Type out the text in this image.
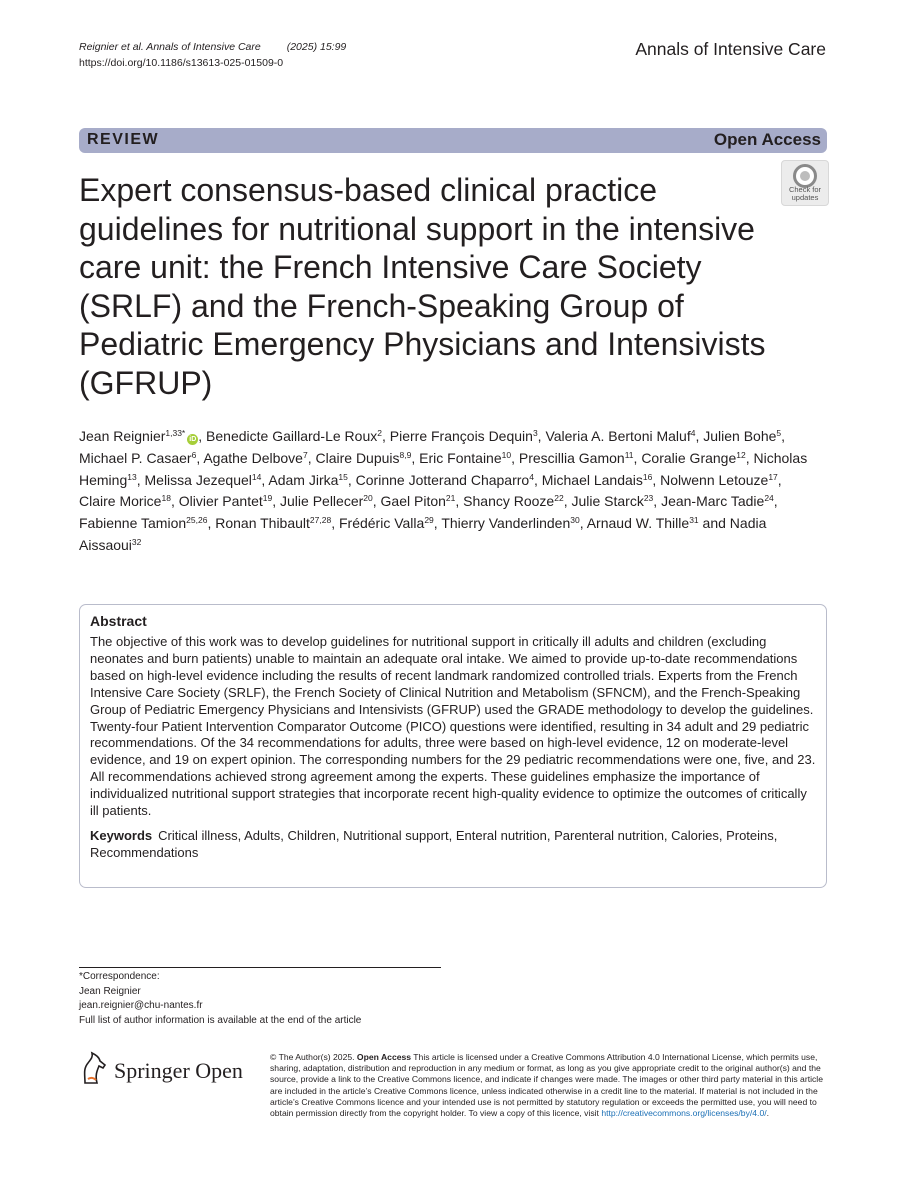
Reignier et al. Annals of Intensive Care (2025) 15:99
https://doi.org/10.1186/s13613-025-01509-0
Annals of Intensive Care
REVIEW	Open Access
Check for
updates
Expert consensus-based clinical practice guidelines for nutritional support in the intensive care unit: the French Intensive Care Society (SRLF) and the French-Speaking Group of Pediatric Emergency Physicians and Intensivists (GFRUP)
Jean Reignier$^{1,33*}$iD , Benedicte Gaillard-Le Roux$^2$, Pierre François Dequin$^3$, Valeria A. Bertoni Maluf$^4$, Julien Bohe$^5$, Michael P. Casaer$^6$, Agathe Delbove$^7$, Claire Dupuis$^{8,9}$, Eric Fontaine$^{10}$, Prescillia Gamon$^{11}$, Coralie Grange$^{12}$, Nicholas Heming$^{13}$, Melissa Jezequel$^{14}$, Adam Jirka$^{15}$, Corinne Jotterand Chaparro$^4$, Michael Landais$^{16}$, Nolwenn Letouze$^{17}$, Claire Morice$^{18}$, Olivier Pantet$^{19}$, Julie Pellecer$^{20}$, Gael Piton$^{21}$, Shancy Rooze$^{22}$, Julie Starck$^{23}$, Jean-Marc Tadie$^{24}$, Fabienne Tamion$^{25,26}$, Ronan Thibault$^{27,28}$, Frédéric Valla$^{29}$, Thierry Vanderlinden$^{30}$, Arnaud W. Thille$^{31}$ and Nadia Aissaoui$^{32}$
Abstract

The objective of this work was to develop guidelines for nutritional support in critically ill adults and children (excluding neonates and burn patients) unable to maintain an adequate oral intake. We aimed to provide up-to-date recommendations based on high-level evidence including the results of recent landmark randomized controlled trials. Experts from the French Intensive Care Society (SRLF), the French Society of Clinical Nutrition and Metabolism (SFNCM), and the French-Speaking Group of Pediatric Emergency Physicians and Intensivists (GFRUP) used the GRADE methodology to develop the guidelines. Twenty-four Patient Intervention Comparator Outcome (PICO) questions were identified, resulting in 34 adult and 29 pediatric recommendations. Of the 34 recommendations for adults, three were based on high-level evidence, 12 on moderate-level evidence, and 19 on expert opinion. The corresponding numbers for the 29 pediatric recommendations were one, five, and 23. All recommendations achieved strong agreement among the experts. These guidelines emphasize the importance of individualized nutritional support strategies that incorporate recent high-quality evidence to optimize the outcomes of critically ill patients.

Keywords Critical illness, Adults, Children, Nutritional support, Enteral nutrition, Parenteral nutrition, Calories, Proteins, Recommendations

*Correspondence:
Jean Reignier
jean.reignier@chu-nantes.fr
Full list of author information is available at the end of the article
Springer Open
© The Author(s) 2025. Open Access This article is licensed under a Creative Commons Attribution 4.0 International License, which permits use, sharing, adaptation, distribution and reproduction in any medium or format, as long as you give appropriate credit to the original author(s) and the source, provide a link to the Creative Commons licence, and indicate if changes were made. The images or other third party material in this article are included in the article’s Creative Commons licence, unless indicated otherwise in a credit line to the material. If material is not included in the article’s Creative Commons licence and your intended use is not permitted by statutory regulation or exceeds the permitted use, you will need to obtain permission directly from the copyright holder. To view a copy of this licence, visit http://creativecommons.org/licenses/by/4.0/.
